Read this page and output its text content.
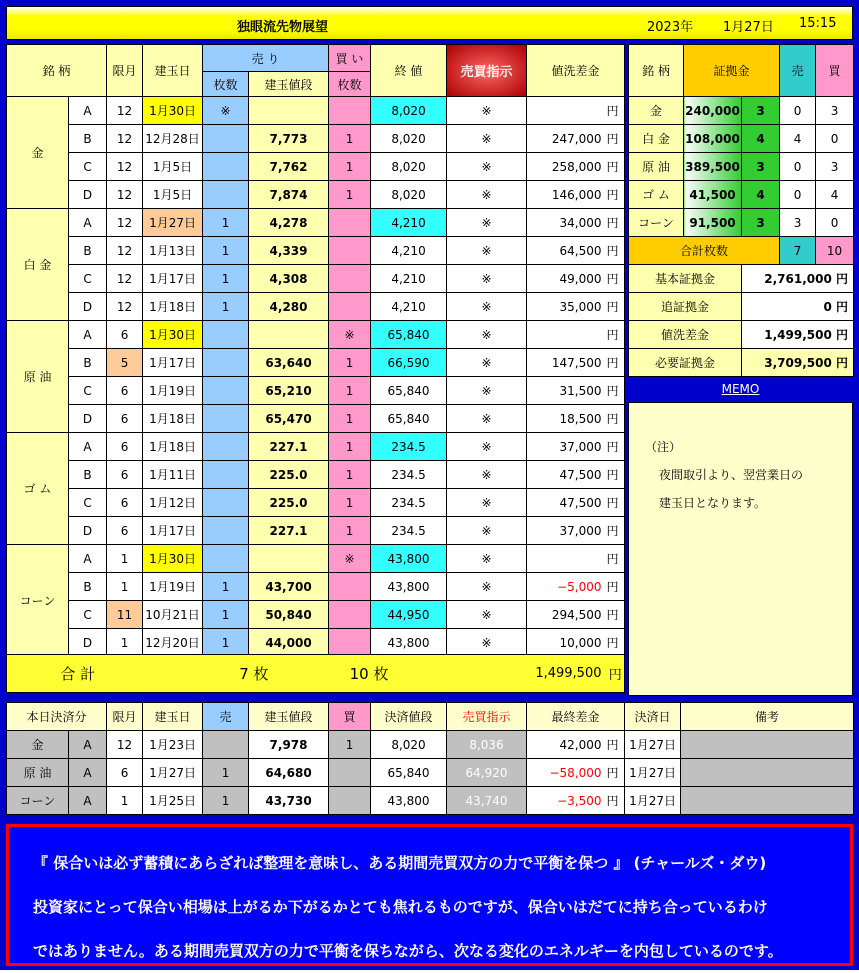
独眼流先物展望	2023年 1月27日 15:15
銘 柄		限月	建玉日	売 り		買 い	終 値	売買指示	値洗差金	
				枚数	建玉値段	枚数				
金	A	12	1月30日	※			8,020	※		円
	B	12	12月28日		7,773	1	8,020	※	247,000	円
	C	12	1月5日		7,762	1	8,020	※	258,000	円
	D	12	1月5日		7,874	1	8,020	※	146,000	円
白 金	A	12	1月27日	1	4,278		4,210	※	34,000	円
	B	12	1月13日	1	4,339		4,210	※	64,500	円
	C	12	1月17日	1	4,308		4,210	※	49,000	円
	D	12	1月18日	1	4,280		4,210	※	35,000	円
原 油	A	6	1月30日			※	65,840	※		円
	B	5	1月17日		63,640	1	66,590	※	147,500	円
	C	6	1月19日		65,210	1	65,840	※	31,500	円
	D	6	1月18日		65,470	1	65,840	※	18,500	円
ゴ ム	A	6	1月18日		227.1	1	234.5	※	37,000	円
	B	6	1月11日		225.0	1	234.5	※	47,500	円
	C	6	1月12日		225.0	1	234.5	※	47,500	円
	D	6	1月17日		227.1	1	234.5	※	37,000	円
コーン	A	1	1月30日			※	43,800	※		円
	B	1	1月19日	1	43,700		43,800	※	−5,000	円
	C	11	10月21日	1	50,840		44,950	※	294,500	円
	D	1	12月20日	1	44,000		43,800	※	10,000	円
合 計	7 枚	10 枚		1,499,500	円
銘 柄	証拠金		売	買
金	240,000	3	0	3
白 金	108,000	4	4	0
原 油	389,500	3	0	3
ゴ ム	41,500	4	0	4
コーン	91,500	3	3	0
合計枚数			7	10
基本証拠金		2,761,000 円		
追証拠金		0 円		
値洗差金		1,499,500 円		
必要証拠金		3,709,500 円		
MEMO
（注）
夜間取引より、翌営業日の
建玉日となります。
本日決済分		限月	建玉日	売	建玉値段	買	決済値段	売買指示	最終差金		決済日	備考
金	A	12	1月23日		7,978	1	8,020	8,036	42,000	円	1月27日	
原 油	A	6	1月27日	1	64,680		65,840	64,920	−58,000	円	1月27日	
コーン	A	1	1月25日	1	43,730		43,800	43,740	−3,500	円	1月27日	
『 保合いは必ず蓄積にあらざれば整理を意味し、ある期間売買双方の力で平衡を保つ 』 (チャールズ・ダウ)
投資家にとって保合い相場は上がるか下がるかとても焦れるものですが、保合いはだてに持ち合っているわけ
ではありません。ある期間売買双方の力で平衡を保ちながら、次なる変化のエネルギーを内包しているのです。
